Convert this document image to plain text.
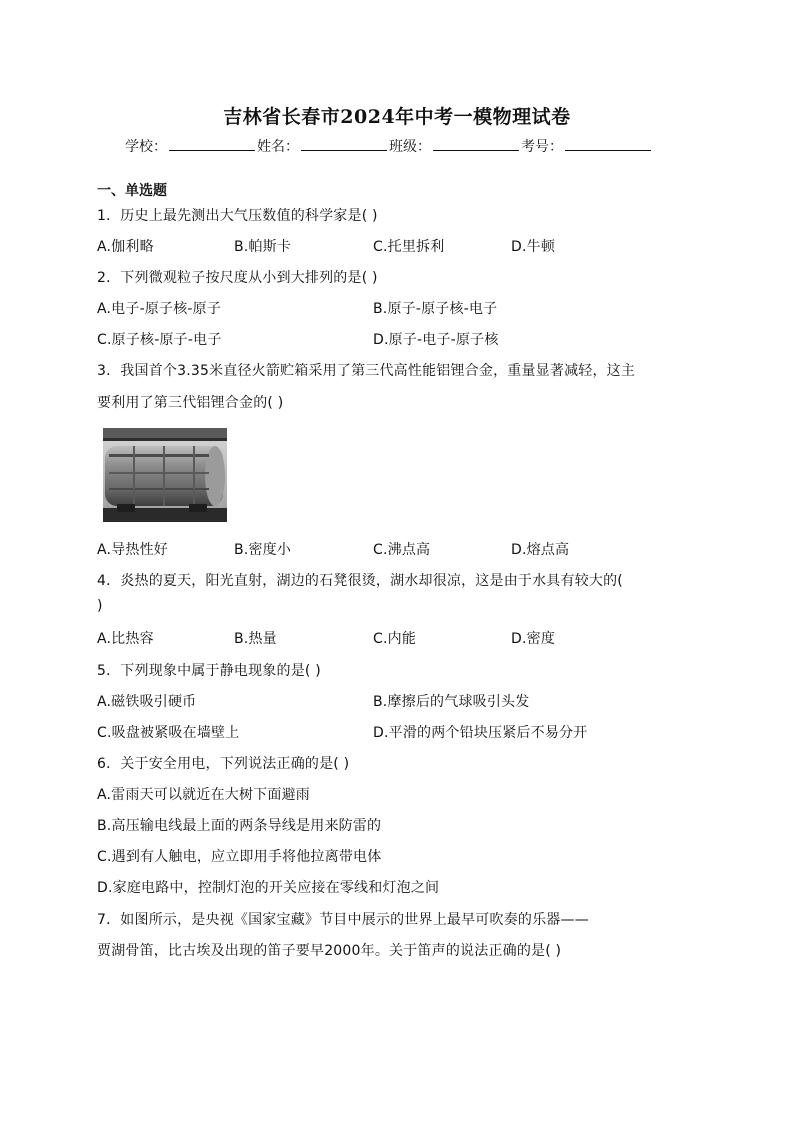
吉林省长春市2024年中考一模物理试卷
学校：	姓名：	班级：	考号：
一、单选题
1．历史上最先测出大气压数值的科学家是( )
A.伽利略	B.帕斯卡	C.托里拆利	D.牛顿
2．下列微观粒子按尺度从小到大排列的是( )
A.电子-原子核-原子	B.原子-原子核-电子
C.原子核-原子-电子	D.原子-电子-原子核
3．我国首个3.35米直径火箭贮箱采用了第三代高性能铝锂合金，重量显著减轻，这主
要利用了第三代铝锂合金的( )
A.导热性好	B.密度小	C.沸点高	D.熔点高
4．炎热的夏天，阳光直射，湖边的石凳很烫，湖水却很凉，这是由于水具有较大的(
)
A.比热容	B.热量	C.内能	D.密度
5．下列现象中属于静电现象的是( )
A.磁铁吸引硬币	B.摩擦后的气球吸引头发
C.吸盘被紧吸在墙壁上	D.平滑的两个铅块压紧后不易分开
6．关于安全用电，下列说法正确的是( )
A.雷雨天可以就近在大树下面避雨
B.高压输电线最上面的两条导线是用来防雷的
C.遇到有人触电，应立即用手将他拉离带电体
D.家庭电路中，控制灯泡的开关应接在零线和灯泡之间
7．如图所示，是央视《国家宝藏》节目中展示的世界上最早可吹奏的乐器——
贾湖骨笛，比古埃及出现的笛子要早2000年。关于笛声的说法正确的是( )
